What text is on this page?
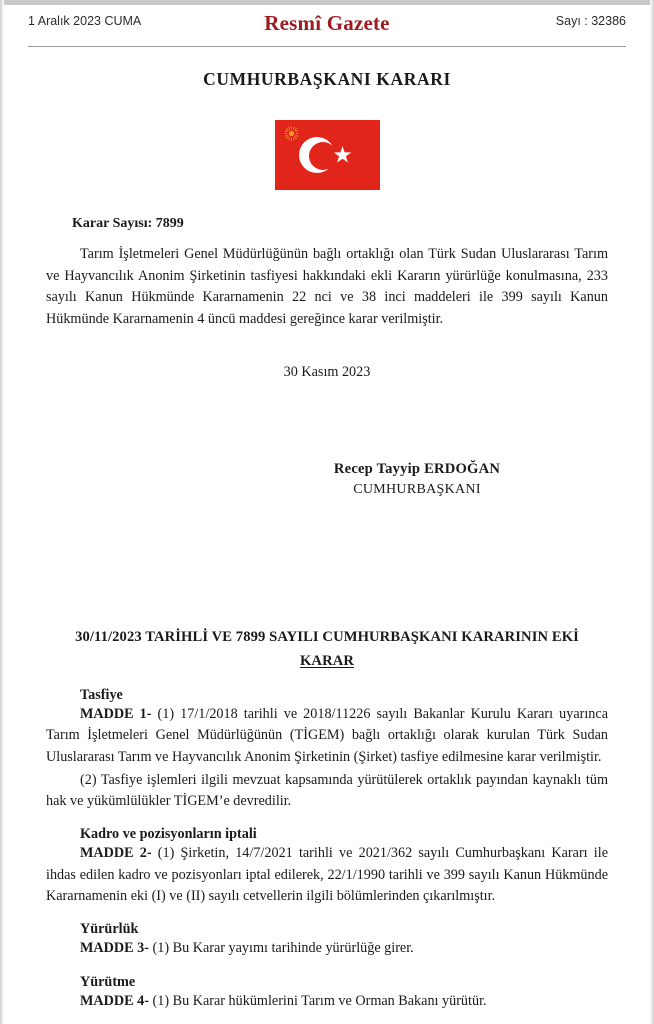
1 Aralık 2023 CUMA	Sayı : 32386
Resmî Gazete
CUMHURBAŞKANI KARARI
Karar Sayısı: 7899
Tarım İşletmeleri Genel Müdürlüğünün bağlı ortaklığı olan Türk Sudan Uluslararası Tarım ve Hayvancılık Anonim Şirketinin tasfiyesi hakkındaki ekli Kararın yürürlüğe konulmasına, 233 sayılı Kanun Hükmünde Kararnamenin 22 nci ve 38 inci maddeleri ile 399 sayılı Kanun Hükmünde Kararnamenin 4 üncü maddesi gereğince karar verilmiştir.
30 Kasım 2023
Recep Tayyip ERDOĞAN
CUMHURBAŞKANI
30/11/2023 TARİHLİ VE 7899 SAYILI CUMHURBAŞKANI KARARININ EKİ
KARAR
Tasfiye
MADDE 1- (1) 17/1/2018 tarihli ve 2018/11226 sayılı Bakanlar Kurulu Kararı uyarınca Tarım İşletmeleri Genel Müdürlüğünün (TİGEM) bağlı ortaklığı olarak kurulan Türk Sudan Uluslararası Tarım ve Hayvancılık Anonim Şirketinin (Şirket) tasfiye edilmesine karar verilmiştir.
(2) Tasfiye işlemleri ilgili mevzuat kapsamında yürütülerek ortaklık payından kaynaklı tüm hak ve yükümlülükler TİGEM’e devredilir.
Kadro ve pozisyonların iptali
MADDE 2- (1) Şirketin, 14/7/2021 tarihli ve 2021/362 sayılı Cumhurbaşkanı Kararı ile ihdas edilen kadro ve pozisyonları iptal edilerek, 22/1/1990 tarihli ve 399 sayılı Kanun Hükmünde Kararnamenin eki (I) ve (II) sayılı cetvellerin ilgili bölümlerinden çıkarılmıştır.
Yürürlük
MADDE 3- (1) Bu Karar yayımı tarihinde yürürlüğe girer.
Yürütme
MADDE 4- (1) Bu Karar hükümlerini Tarım ve Orman Bakanı yürütür.
